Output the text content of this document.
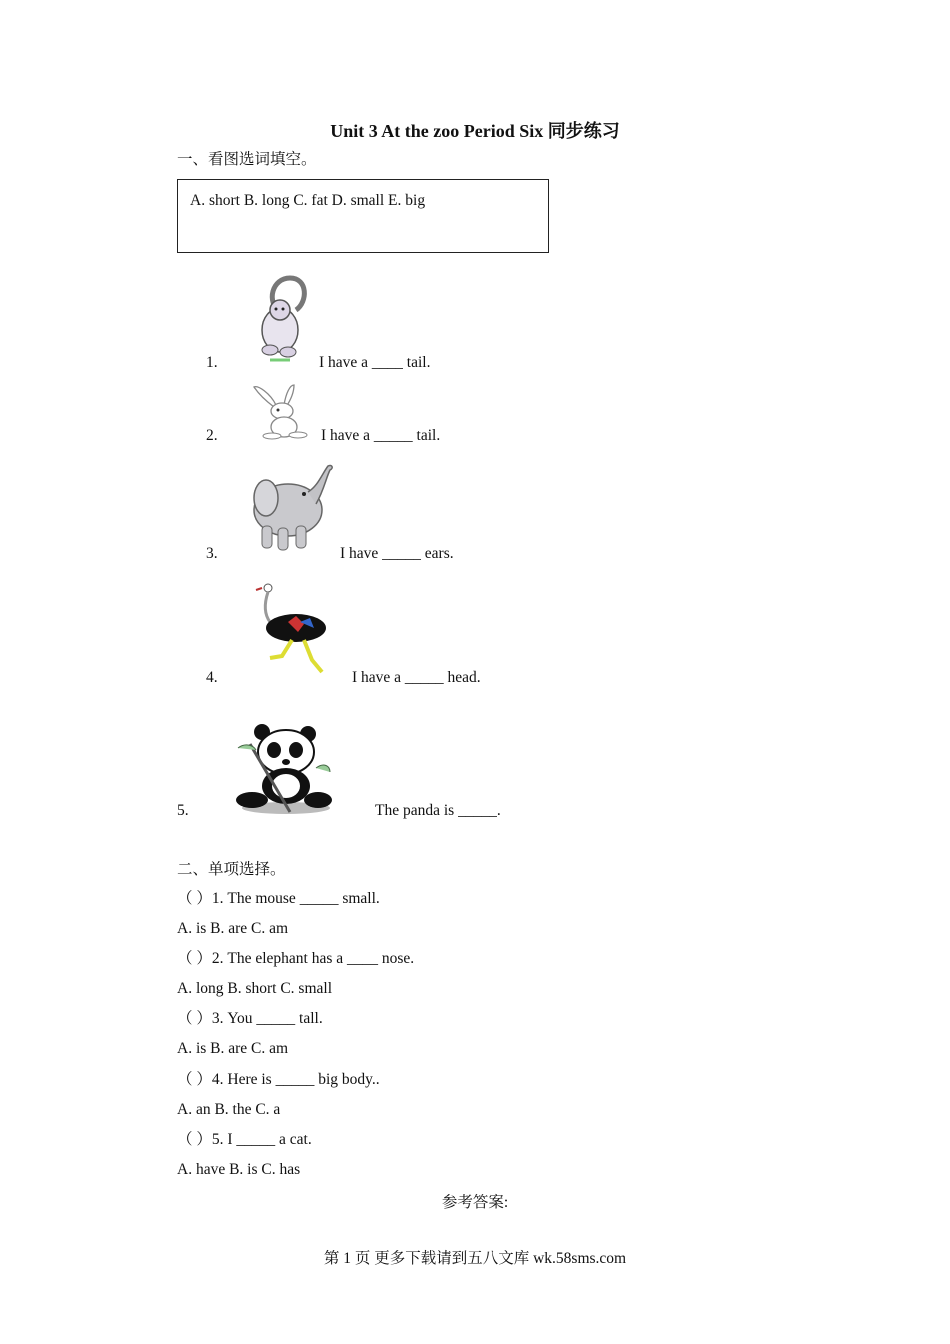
Unit 3 At the zoo Period Six 同步练习
一、看图选词填空。
A. short B. long C. fat D. small E. big
1.	I have a ____ tail.
2.	I have a _____ tail.
3.	I have _____ ears.
4.	I have a _____ head.
5.	The panda is _____.
二、单项选择。
（ ）1. The mouse _____ small.
A. is B. are C. am
（ ）2. The elephant has a ____ nose.
A. long B. short C. small
（ ）3. You _____ tall.
A. is B. are C. am
（ ）4. Here is _____ big body..
A. an B. the C. a
（ ）5. I _____ a cat.
A. have B. is C. has
参考答案:
第 1 页 更多下载请到五八文库 wk.58sms.com
